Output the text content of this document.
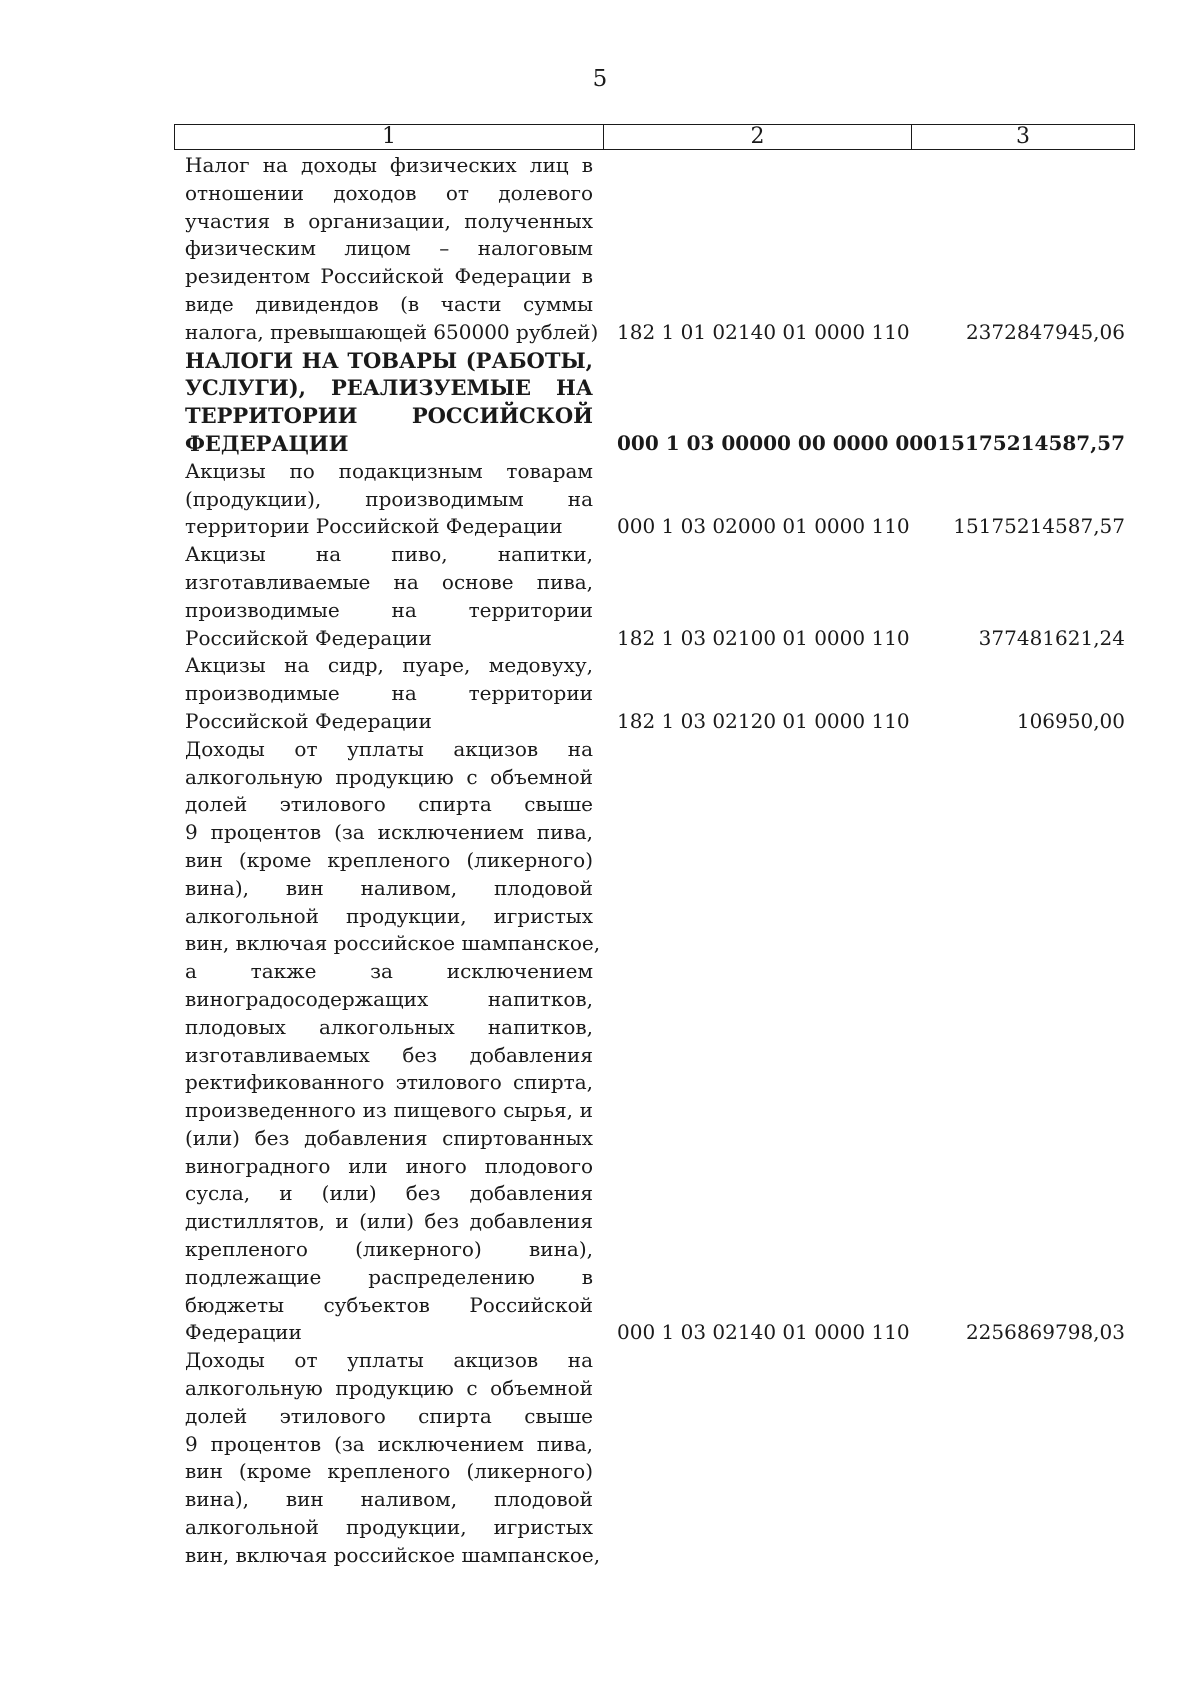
5
1	2	3
Налог на доходы физических лиц в
отношении доходов от долевого
участия в организации, полученных
физическим лицом – налоговым
резидентом Российской Федерации в
виде дивидендов (в части суммы
налога, превышающей 650000 рублей) 182 1 01 02140 01 0000 110	2372847945,06
НАЛОГИ НА ТОВАРЫ (РАБОТЫ,
УСЛУГИ), РЕАЛИЗУЕМЫЕ НА
ТЕРРИТОРИИ РОССИЙСКОЙ
ФЕДЕРАЦИИ	000 1 03 00000 00 0000 000 15175214587,57
Акцизы по подакцизным товарам
(продукции), производимым на
территории Российской Федерации	000 1 03 02000 01 0000 110	15175214587,57
Акцизы на пиво, напитки,
изготавливаемые на основе пива,
производимые на территории
Российской Федерации	182 1 03 02100 01 0000 110	377481621,24
Акцизы на сидр, пуаре, медовуху,
производимые на территории
Российской Федерации	182 1 03 02120 01 0000 110	106950,00
Доходы от уплаты акцизов на
алкогольную продукцию с объемной
долей этилового спирта свыше
9 процентов (за исключением пива,
вин (кроме крепленого (ликерного)
вина), вин наливом, плодовой
алкогольной продукции, игристых
вин, включая российское шампанское,
а также за исключением
виноградосодержащих напитков,
плодовых алкогольных напитков,
изготавливаемых без добавления
ректификованного этилового спирта,
произведенного из пищевого сырья, и
(или) без добавления спиртованных
виноградного или иного плодового
сусла, и (или) без добавления
дистиллятов, и (или) без добавления
крепленого (ликерного) вина),
подлежащие распределению в
бюджеты субъектов Российской
Федерации	000 1 03 02140 01 0000 110	2256869798,03
Доходы от уплаты акцизов на
алкогольную продукцию с объемной
долей этилового спирта свыше
9 процентов (за исключением пива,
вин (кроме крепленого (ликерного)
вина), вин наливом, плодовой
алкогольной продукции, игристых
вин, включая российское шампанское,
